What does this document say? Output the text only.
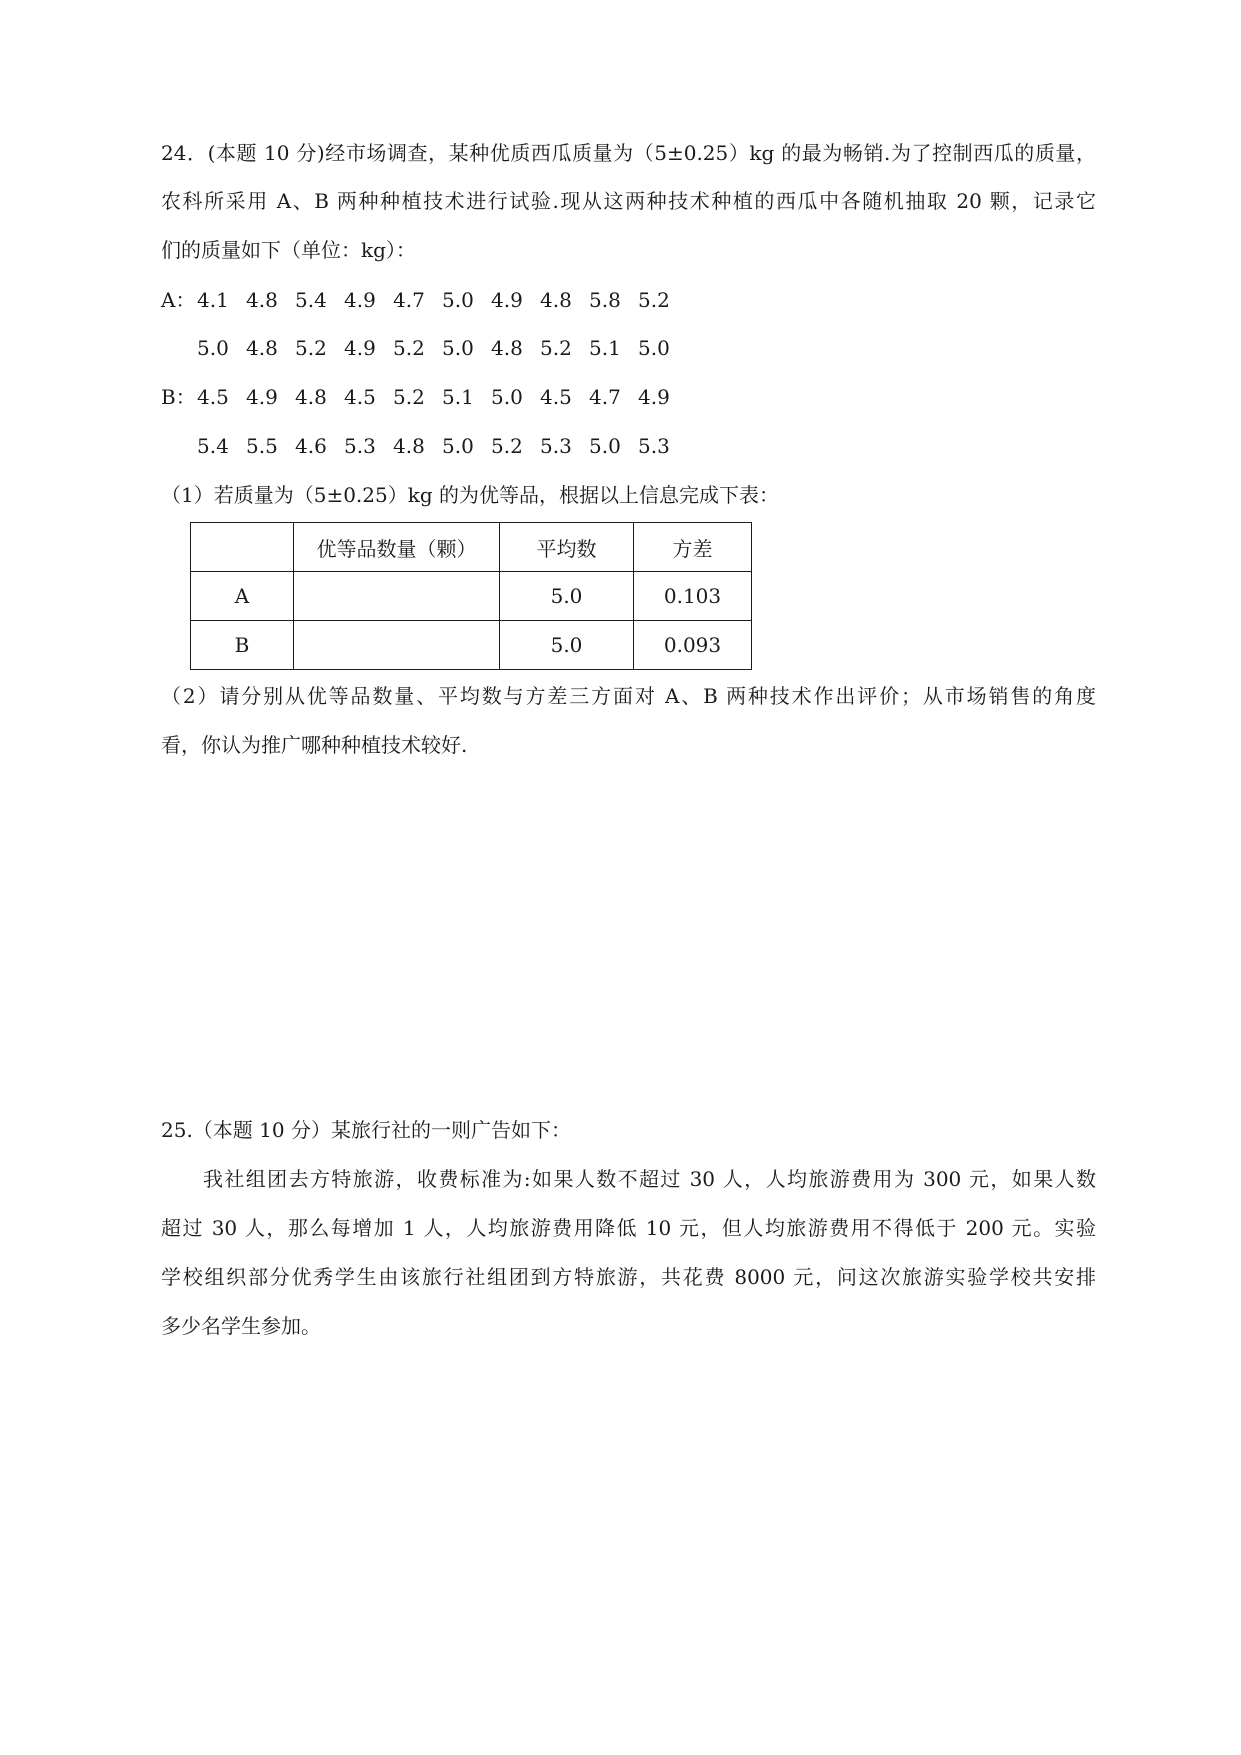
24．(本题 10 分)经市场调查，某种优质西瓜质量为（5±0.25）kg 的最为畅销.为了控制西瓜的质量，
农科所采用 A、B 两种种植技术进行试验.现从这两种技术种植的西瓜中各随机抽取 20 颗，记录它
们的质量如下（单位：kg）：
A：4.1 4.8 5.4 4.9 4.7 5.0 4.9 4.8 5.8 5.2
5.0 4.8 5.2 4.9 5.2 5.0 4.8 5.2 5.1 5.0
B：4.5 4.9 4.8 4.5 5.2 5.1 5.0 4.5 4.7 4.9
5.4 5.5 4.6 5.3 4.8 5.0 5.2 5.3 5.0 5.3
（1）若质量为（5±0.25）kg 的为优等品，根据以上信息完成下表：
	优等品数量（颗）	平均数	方差
A		5.0	0.103
B		5.0	0.093
（2）请分别从优等品数量、平均数与方差三方面对 A、B 两种技术作出评价；从市场销售的角度
看，你认为推广哪种种植技术较好.
25.（本题 10 分）某旅行社的一则广告如下：
我社组团去方特旅游，收费标准为:如果人数不超过 30 人，人均旅游费用为 300 元，如果人数
超过 30 人，那么每增加 1 人，人均旅游费用降低 10 元，但人均旅游费用不得低于 200 元。实验
学校组织部分优秀学生由该旅行社组团到方特旅游，共花费 8000 元，问这次旅游实验学校共安排
多少名学生参加。
